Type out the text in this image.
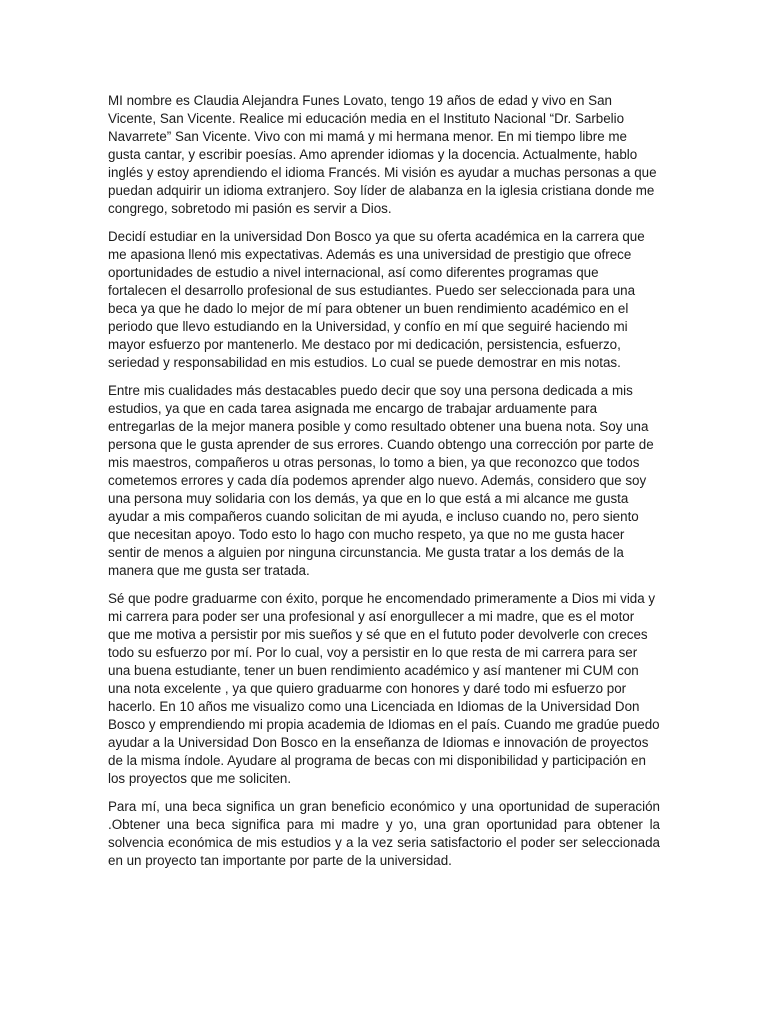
MI nombre es Claudia Alejandra Funes Lovato, tengo 19 años de edad y vivo en San Vicente, San Vicente. Realice mi educación media en el Instituto Nacional “Dr. Sarbelio Navarrete” San Vicente. Vivo con mi mamá y mi hermana menor. En mi tiempo libre me gusta cantar, y escribir poesías. Amo aprender idiomas y la docencia. Actualmente, hablo inglés y estoy aprendiendo el idioma Francés. Mi visión es ayudar a muchas personas a que puedan adquirir un idioma extranjero. Soy líder de alabanza en la iglesia cristiana donde me congrego, sobretodo mi pasión es servir a Dios.

Decidí estudiar en la universidad Don Bosco ya que su oferta académica en la carrera que me apasiona llenó mis expectativas. Además es una universidad de prestigio que ofrece oportunidades de estudio a nivel internacional, así como diferentes programas que fortalecen el desarrollo profesional de sus estudiantes. Puedo ser seleccionada para una beca ya que he dado lo mejor de mí para obtener un buen rendimiento académico en el periodo que llevo estudiando en la Universidad, y confío en mí que seguiré haciendo mi mayor esfuerzo por mantenerlo. Me destaco por mi dedicación, persistencia, esfuerzo, seriedad y responsabilidad en mis estudios. Lo cual se puede demostrar en mis notas.

Entre mis cualidades más destacables puedo decir que soy una persona dedicada a mis estudios, ya que en cada tarea asignada me encargo de trabajar arduamente para entregarlas de la mejor manera posible y como resultado obtener una buena nota. Soy una persona que le gusta aprender de sus errores. Cuando obtengo una corrección por parte de mis maestros, compañeros u otras personas, lo tomo a bien, ya que reconozco que todos cometemos errores y cada día podemos aprender algo nuevo. Además, considero que soy una persona muy solidaria con los demás, ya que en lo que está a mi alcance me gusta ayudar a mis compañeros cuando solicitan de mi ayuda, e incluso cuando no, pero siento que necesitan apoyo. Todo esto lo hago con mucho respeto, ya que no me gusta hacer sentir de menos a alguien por ninguna circunstancia. Me gusta tratar a los demás de la manera que me gusta ser tratada.

Sé que podre graduarme con éxito, porque he encomendado primeramente a Dios mi vida y mi carrera para poder ser una profesional y así enorgullecer a mi madre, que es el motor que me motiva a persistir por mis sueños y sé que en el fututo poder devolverle con creces todo su esfuerzo por mí. Por lo cual, voy a persistir en lo que resta de mi carrera para ser una buena estudiante, tener un buen rendimiento académico y así mantener mi CUM con una nota excelente , ya que quiero graduarme con honores y daré todo mi esfuerzo por hacerlo. En 10 años me visualizo como una Licenciada en Idiomas de la Universidad Don Bosco y emprendiendo mi propia academia de Idiomas en el país. Cuando me gradúe puedo ayudar a la Universidad Don Bosco en la enseñanza de Idiomas e innovación de proyectos de la misma índole. Ayudare al programa de becas con mi disponibilidad y participación en los proyectos que me soliciten.

Para mí, una beca significa un gran beneficio económico y una oportunidad de superación .Obtener una beca significa para mi madre y yo, una gran oportunidad para obtener la solvencia económica de mis estudios y a la vez seria satisfactorio el poder ser seleccionada en un proyecto tan importante por parte de la universidad.
